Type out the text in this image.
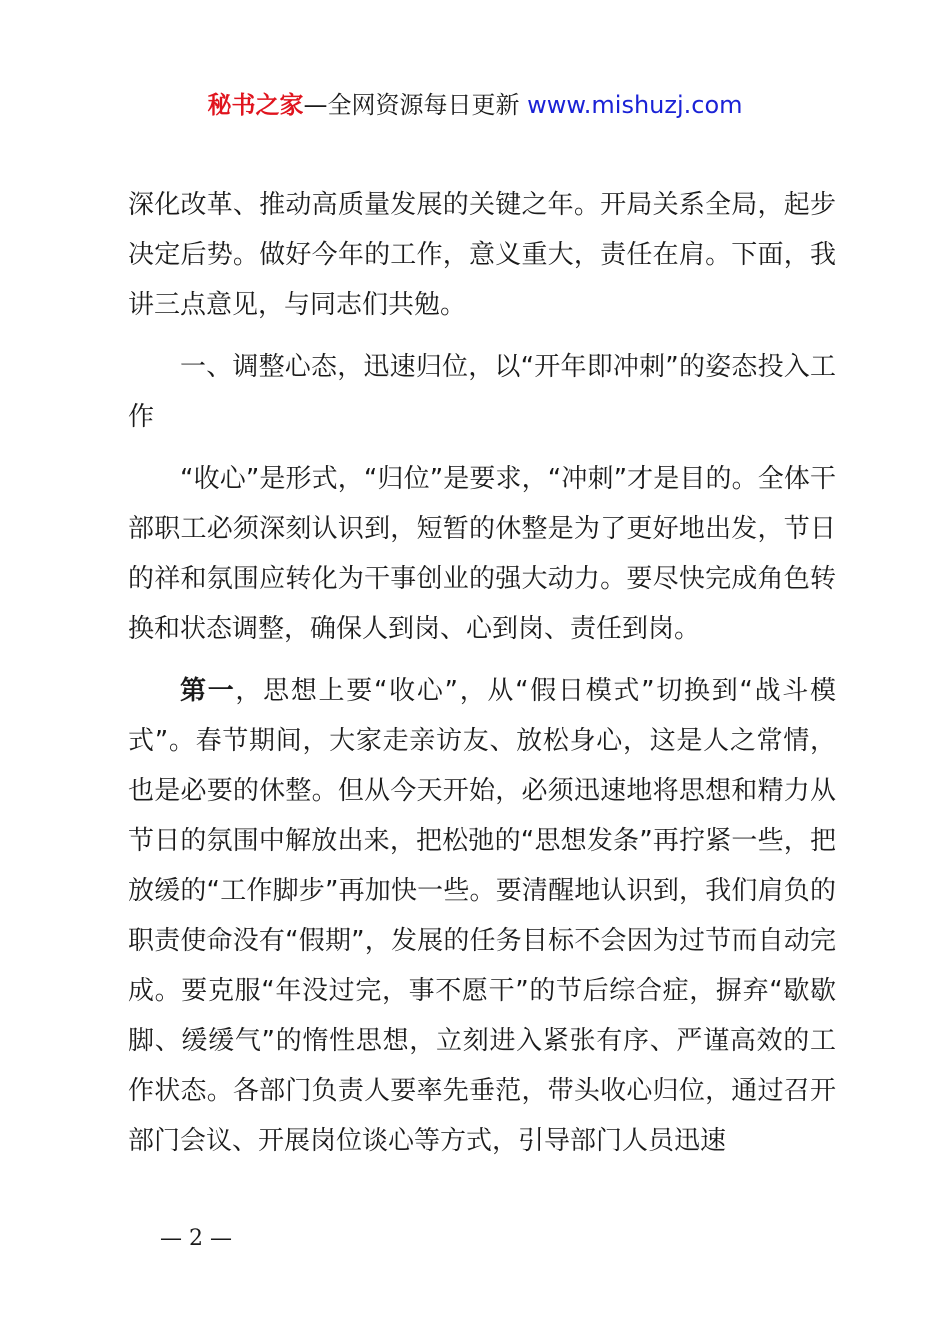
秘书之家—全网资源每日更新 www.mishuzj.com

深化改革、推动高质量发展的关键之年。开局关系全局，起步决定后势。做好今年的工作，意义重大，责任在肩。下面，我讲三点意见，与同志们共勉。

一、调整心态，迅速归位，以“开年即冲刺”的姿态投入工作

“收心”是形式，“归位”是要求，“冲刺”才是目的。全体干部职工必须深刻认识到，短暂的休整是为了更好地出发，节日的祥和氛围应转化为干事创业的强大动力。要尽快完成角色转换和状态调整，确保人到岗、心到岗、责任到岗。

第一，思想上要“收心”，从“假日模式”切换到“战斗模式”。春节期间，大家走亲访友、放松身心，这是人之常情，也是必要的休整。但从今天开始，必须迅速地将思想和精力从节日的氛围中解放出来，把松弛的“思想发条”再拧紧一些，把放缓的“工作脚步”再加快一些。要清醒地认识到，我们肩负的职责使命没有“假期”，发展的任务目标不会因为过节而自动完成。要克服“年没过完，事不愿干”的节后综合症，摒弃“歇歇脚、缓缓气”的惰性思想，立刻进入紧张有序、严谨高效的工作状态。各部门负责人要率先垂范，带头收心归位，通过召开部门会议、开展岗位谈心等方式，引导部门人员迅速

— 2 —
